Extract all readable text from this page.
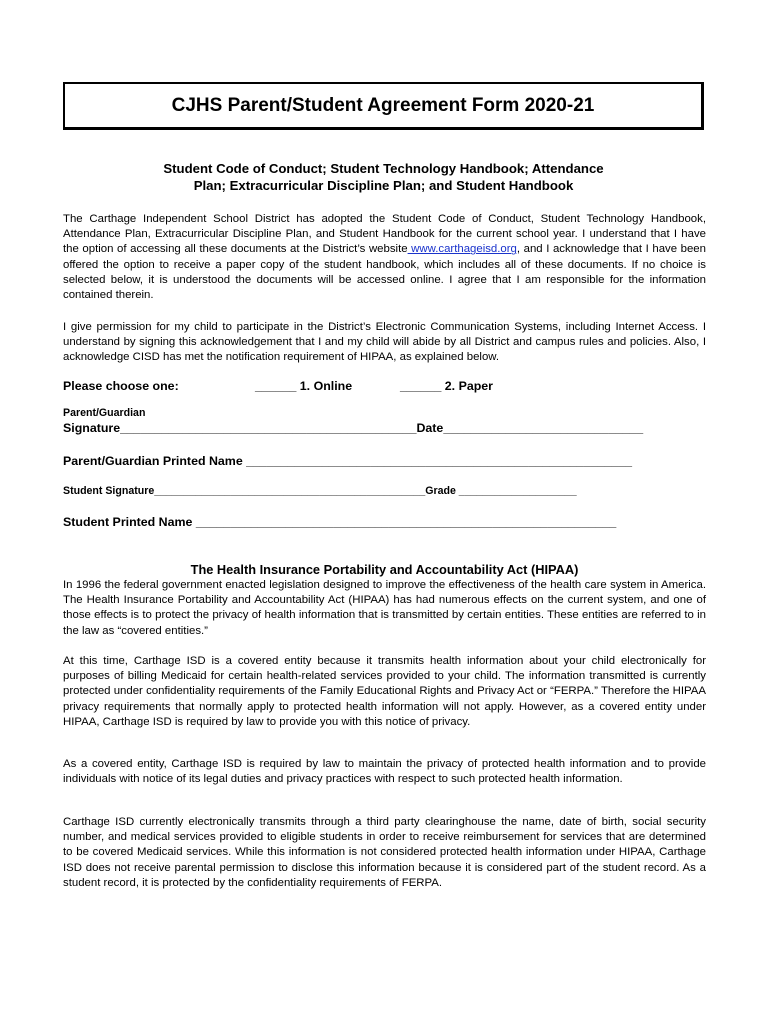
CJHS Parent/Student Agreement Form 2020-21
Student Code of Conduct; Student Technology Handbook; Attendance
Plan; Extracurricular Discipline Plan; and Student Handbook

The Carthage Independent School District has adopted the Student Code of Conduct, Student Technology Handbook, Attendance Plan, Extracurricular Discipline Plan, and Student Handbook for the current school year. I understand that I have the option of accessing all these documents at the District’s website www.carthageisd.org, and I acknowledge that I have been offered the option to receive a paper copy of the student handbook, which includes all of these documents. If no choice is selected below, it is understood the documents will be accessed online. I agree that I am responsible for the information contained therein.

I give permission for my child to participate in the District’s Electronic Communication Systems, including Internet Access. I understand by signing this acknowledgement that I and my child will abide by all District and campus rules and policies. Also, I acknowledge CISD has met the notification requirement of HIPAA, as explained below.

Please choose one:	______ 1. Online	______ 2. Paper
Parent/Guardian
Signature___________________________________________Date_____________________________
Parent/Guardian Printed Name ________________________________________________________
Student Signature______________________________________________Grade ____________________
Student Printed Name _____________________________________________________________
The Health Insurance Portability and Accountability Act (HIPAA)

In 1996 the federal government enacted legislation designed to improve the effectiveness of the health care system in America. The Health Insurance Portability and Accountability Act (HIPAA) has had numerous effects on the current system, and one of those effects is to protect the privacy of health information that is transmitted by certain entities. These entities are referred to in the law as “covered entities.”

At this time, Carthage ISD is a covered entity because it transmits health information about your child electronically for purposes of billing Medicaid for certain health-related services provided to your child. The information transmitted is currently protected under confidentiality requirements of the Family Educational Rights and Privacy Act or “FERPA.” Therefore the HIPAA privacy requirements that normally apply to protected health information will not apply. However, as a covered entity under HIPAA, Carthage ISD is required by law to provide you with this notice of privacy.

As a covered entity, Carthage ISD is required by law to maintain the privacy of protected health information and to provide individuals with notice of its legal duties and privacy practices with respect to such protected health information.

Carthage ISD currently electronically transmits through a third party clearinghouse the name, date of birth, social security number, and medical services provided to eligible students in order to receive reimbursement for services that are determined to be covered Medicaid services. While this information is not considered protected health information under HIPAA, Carthage ISD does not receive parental permission to disclose this information because it is considered part of the student record. As a student record, it is protected by the confidentiality requirements of FERPA.
